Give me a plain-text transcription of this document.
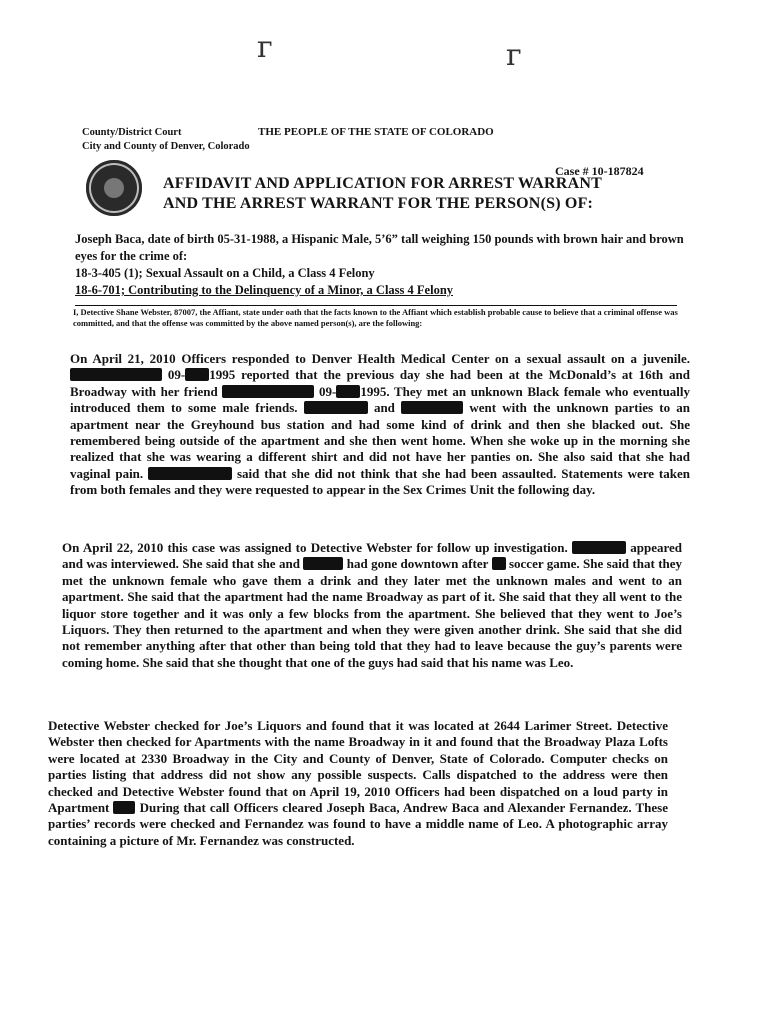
г	г
County/District Court
City and County of Denver, Colorado
THE PEOPLE OF THE STATE OF COLORADO
Case # 10-187824
AFFIDAVIT AND APPLICATION FOR ARREST WARRANT
AND THE ARREST WARRANT FOR THE PERSON(S) OF:
Joseph Baca, date of birth 05-31-1988, a Hispanic Male, 5’6” tall weighing 150 pounds with brown hair and brown eyes for the crime of:
18-3-405 (1); Sexual Assault on a Child, a Class 4 Felony
18-6-701; Contributing to the Delinquency of a Minor, a Class 4 Felony
I, Detective Shane Webster, 87007, the Affiant, state under oath that the facts known to the Affiant which establish probable cause to believe that a criminal offense was committed, and that the offense was committed by the above named person(s), are the following:
On April 21, 2010 Officers responded to Denver Health Medical Center on a sexual assault on a juvenile.  09- 1995 reported that the previous day she had been at the McDonald’s at 16th and Broadway with her friend	09- 1995. They met an unknown Black female who eventually introduced them to some male friends.	and	went with the unknown parties to an apartment near the Greyhound bus station and had some kind of drink and then she blacked out. She remembered being outside of the apartment and she then went home. When she woke up in the morning she realized that she was wearing a different shirt and did not have her panties on. She also said that she had vaginal pain.	said that she did not think that she had been assaulted. Statements were taken from both females and they were requested to appear in the Sex Crimes Unit the following day.
On April 22, 2010 this case was assigned to Detective Webster for follow up investigation.	appeared and was interviewed. She said that she and	had gone downtown after soccer game. She said that they met the unknown female who gave them a drink and they later met the unknown males and went to an apartment. She said that the apartment had the name Broadway as part of it. She said that they all went to the liquor store together and it was only a few blocks from the apartment. She believed that they went to Joe’s Liquors. They then returned to the apartment and when they were given another drink. She said that she did not remember anything after that other than being told that they had to leave because the guy’s parents were coming home. She said that she thought that one of the guys had said that his name was Leo.
Detective Webster checked for Joe’s Liquors and found that it was located at 2644 Larimer Street. Detective Webster then checked for Apartments with the name Broadway in it and found that the Broadway Plaza Lofts were located at 2330 Broadway in the City and County of Denver, State of Colorado. Computer checks on parties listing that address did not show any possible suspects. Calls dispatched to the address were then checked and Detective Webster found that on April 19, 2010 Officers had been dispatched on a loud party in Apartment During that call Officers cleared Joseph Baca, Andrew Baca and Alexander Fernandez. These parties’ records were checked and Fernandez was found to have a middle name of Leo. A photographic array containing a picture of Mr. Fernandez was constructed.
